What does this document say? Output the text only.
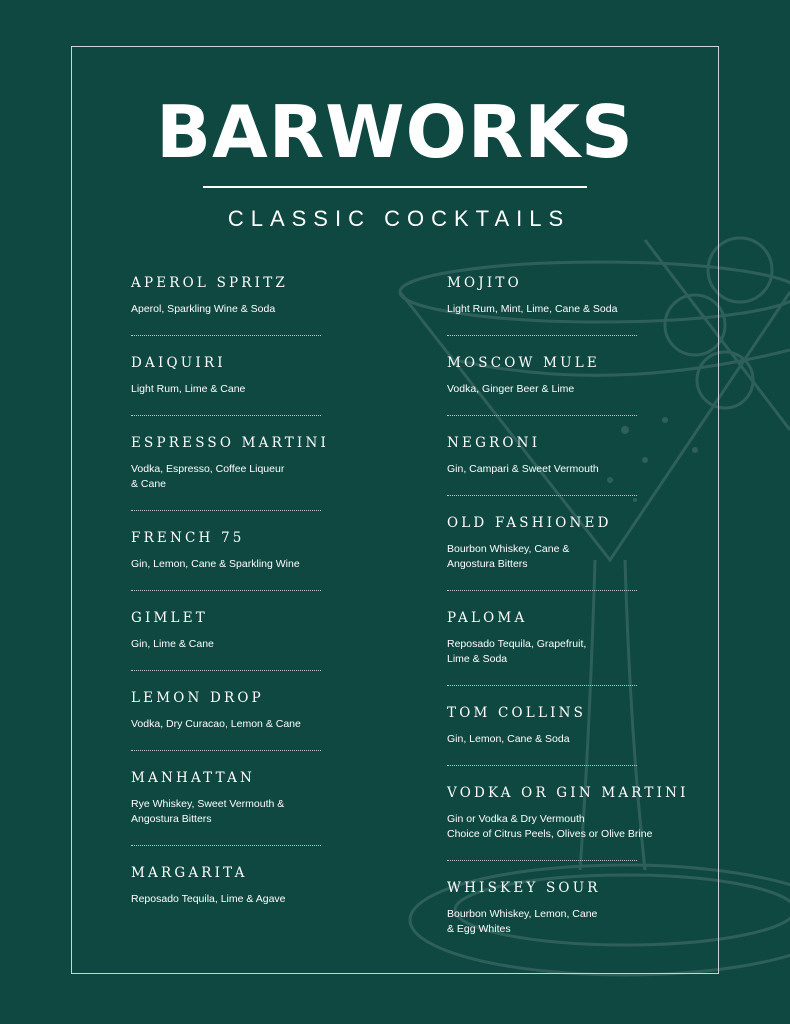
BARWORKS
CLASSIC COCKTAILS
APEROL SPRITZ
Aperol, Sparkling Wine & Soda
DAIQUIRI
Light Rum, Lime & Cane
ESPRESSO MARTINI
Vodka, Espresso, Coffee Liqueur
& Cane
FRENCH 75
Gin, Lemon, Cane & Sparkling Wine
GIMLET
Gin, Lime & Cane
LEMON DROP
Vodka, Dry Curacao, Lemon & Cane
MANHATTAN
Rye Whiskey, Sweet Vermouth &
Angostura Bitters
MARGARITA
Reposado Tequila, Lime & Agave
MOJITO
Light Rum, Mint, Lime, Cane & Soda
MOSCOW MULE
Vodka, Ginger Beer & Lime
NEGRONI
Gin, Campari & Sweet Vermouth
OLD FASHIONED
Bourbon Whiskey, Cane &
Angostura Bitters
PALOMA
Reposado Tequila, Grapefruit,
Lime & Soda
TOM COLLINS
Gin, Lemon, Cane & Soda
VODKA OR GIN MARTINI
Gin or Vodka & Dry Vermouth
Choice of Citrus Peels, Olives or Olive Brine
WHISKEY SOUR
Bourbon Whiskey, Lemon, Cane
& Egg Whites
